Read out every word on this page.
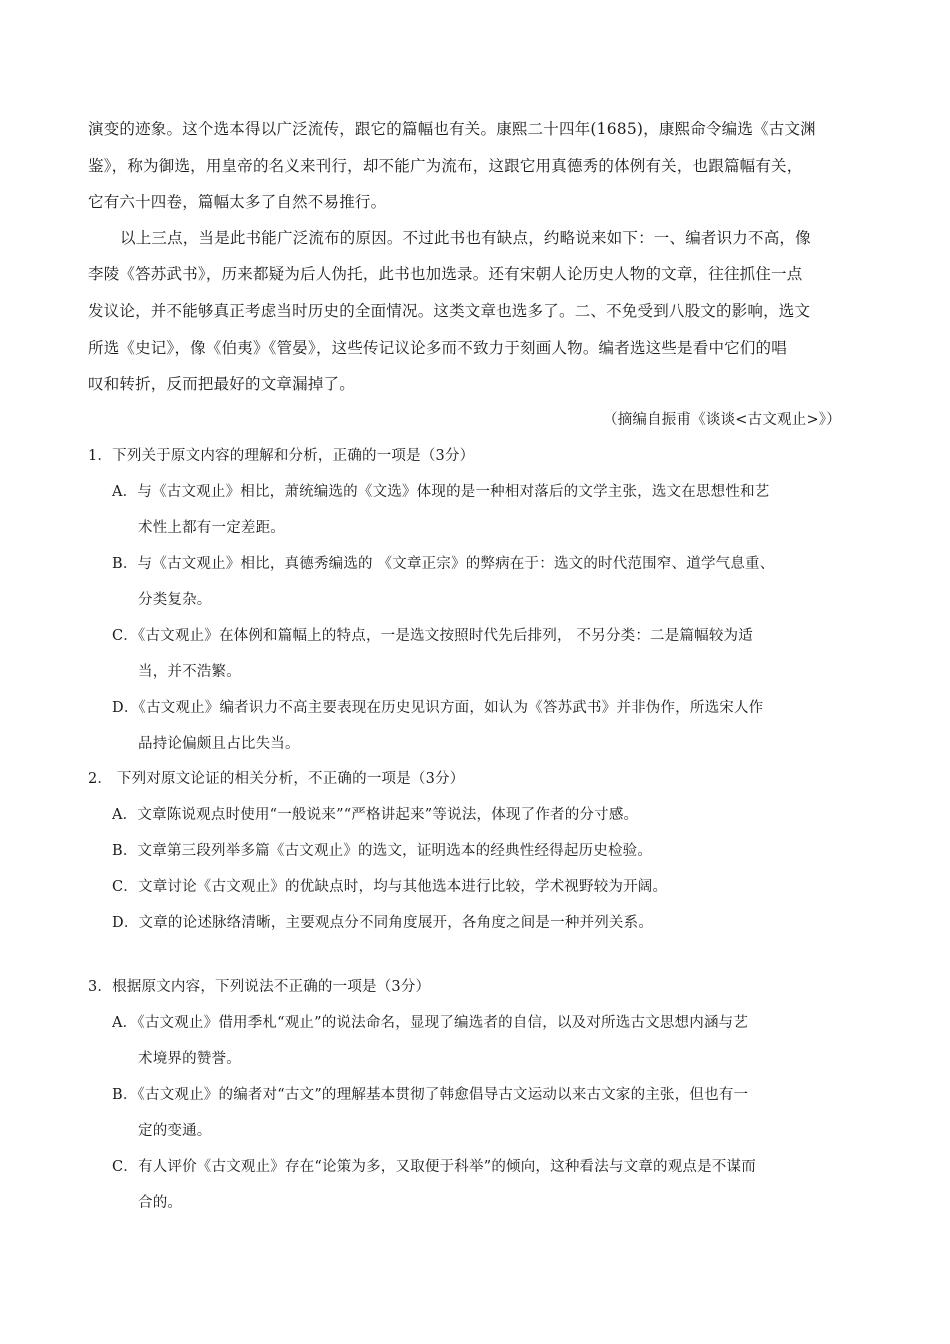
演变的迹象。这个选本得以广泛流传，跟它的篇幅也有关。康熙二十四年(1685)，康熙命令编选《古文渊
鉴》，称为御选，用皇帝的名义来刊行，却不能广为流布，这跟它用真德秀的体例有关，也跟篇幅有关，
它有六十四卷，篇幅太多了自然不易推行。
以上三点，当是此书能广泛流布的原因。不过此书也有缺点，约略说来如下：一、编者识力不高，像
李陵《答苏武书》，历来都疑为后人伪托，此书也加选录。还有宋朝人论历史人物的文章，往往抓住一点
发议论，并不能够真正考虑当时历史的全面情况。这类文章也选多了。二、不免受到八股文的影响，选文
所选《史记》，像《伯夷》《管晏》，这些传记议论多而不致力于刻画人物。编者选这些是看中它们的唱
叹和转折，反而把最好的文章漏掉了。
（摘编自振甫《谈谈<古文观止>》）
1．下列关于原文内容的理解和分析，正确的一项是（3分）
A．与《古文观止》相比，萧统编选的《文选》体现的是一种相对落后的文学主张，选文在思想性和艺
术性上都有一定差距。
B．与《古文观止》相比，真德秀编选的 《文章正宗》的弊病在于：选文的时代范围窄、道学气息重、
分类复杂。
C．《古文观止》在体例和篇幅上的特点，一是选文按照时代先后排列， 不另分类：二是篇幅较为适
当，并不浩繁。
D．《古文观止》编者识力不高主要表现在历史见识方面，如认为《答苏武书》并非伪作，所选宋人作
品持论偏颇且占比失当。
2． 下列对原文论证的相关分析，不正确的一项是（3分）
A．文章陈说观点时使用“一般说来”“严格讲起来”等说法，体现了作者的分寸感。
B．文章第三段列举多篇《古文观止》的选文，证明选本的经典性经得起历史检验。
C．文章讨论《古文观止》的优缺点时，均与其他选本进行比较，学术视野较为开阔。
D．文章的论述脉络清晰，主要观点分不同角度展开，各角度之间是一种并列关系。
3．根据原文内容，下列说法不正确的一项是（3分）
A．《古文观止》借用季札“观止”的说法命名，显现了编选者的自信，以及对所选古文思想内涵与艺
术境界的赞誉。
B．《古文观止》的编者对“古文”的理解基本贯彻了韩愈倡导古文运动以来古文家的主张，但也有一
定的变通。
C．有人评价《古文观止》存在“论策为多，又取便于科举”的倾向，这种看法与文章的观点是不谋而
合的。
